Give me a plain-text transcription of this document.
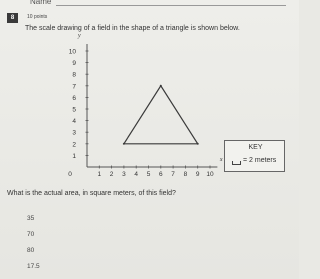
Name
8	10 points
The scale drawing of a field in the shape of a triangle is shown below.
0	1 2 3 4 5 6 7 8 9 10
1
2
3
4
5
6
7
8
9
10
x
y
KEY
= 2 meters
What is the actual area, in square meters, of this field?
35
70
80
17.5
